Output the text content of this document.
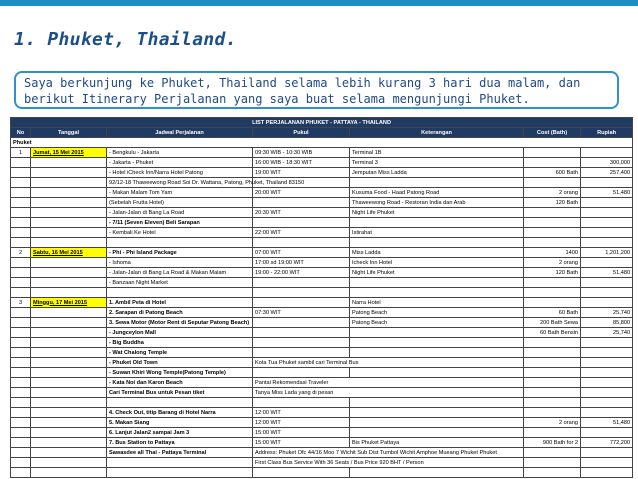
1. Phuket, Thailand.
Saya berkunjung ke Phuket, Thailand selama lebih kurang 3 hari dua malam, dan berikut Itinerary Perjalanan yang saya buat selama mengunjungi Phuket.
LIST PERJALANAN PHUKET - PATTAYA - THAILAND						
No	Tanggal	Jadwal Perjalanan	Pukul	Keterangan	Cost (Bath)	Rupiah
Phuket						
1	Jumat, 15 Mei 2015	- Bengkulu - Jakarta	09:30 WIB - 10:30 WIB	Terminal 1B		
		- Jakarta - Phuket	16:00 WIB - 18:30 WIT	Terminal 3		300,000
		- Hotel iCheck Inn/Narra Hotel Patong	19:00 WIT	Jemputan Miss Ladda	600 Bath	257,400
		92/12-18 Thaweewong Road Soi Dr. Wattana, Patong, Phuket, Thailand 83150				
		- Makan Malam Tom Yam	20:00 WIT	Kusuma Food - Haad Patong Road	2 orang	51,480
		(Sebelah Frutta Hotel)		Thaweewong Road - Restoran India dan Arab	120 Bath	
		- Jalan-Jalan di Bang La Road	20:30 WIT	Night Life Phuket		
		- 7/11 (Seven Eleven) Beli Sarapan				
		- Kembali Ke Hotel	22:00 WIT	Istirahat		

2	Sabtu, 16 Mei 2015	- Phi - Phi Island Package	07:00 WIT	Miss Ladda	1400	1,201,200
		- Ishoma	17:00 sd 19:00 WIT	Icheck Inn Hotel	2 orang	
		- Jalan-Jalan di Bang La Road & Makan Malam	19:00 - 22:00 WIT	Night Life Phuket	120 Bath	51,480
		- Banzaan Night Market				

3	Minggu, 17 Mei 2015	1. Ambil Peta di Hotel		Narra Hotel		
		2. Sarapan di Patong Beach	07:30 WIT	Patong Beach	60 Bath	25,740
		3. Sewa Motor (Motor Rent di Seputar Patong Beach)		Patong Beach	200 Bath Sewa	85,800
		- Jungceylon Mall			60 Bath Bensin	25,740
		- Big Buddha				
		- Wat Chalong Temple				
		- Phuket Old Town	Kota Tua Phuket sambil cari Terminal Bus			
		- Suwan Khiri Wong Temple(Patong Temple)				
		- Kata Noi dan Karon Beach	Pantai Rekomendasi Traveler			
		Cari Terminal Bus untuk Pesan tiket	Tanya Miss Lada yang di pesan			

		4. Check Out, titip Barang di Hotel Narra	12:00 WIT			
		5. Makan Siang	12:00 WIT		2 orang	51,480
		6. Lanjut Jalan2 sampai Jam 3	15:00 WIT			
		7. Bus Station to Pattaya	15:00 WIT	Bis Phuket Pattaya	900 Bath for 2	772,200
		Sawasdee all Thai - Pattaya Terminal	Address: Phuket Ofc 44/16 Moo 7 Wichit Sub Dist Tumbol Wichit Amphoe Mueang Phuket Phuket			
			First Class Bus Service With 36 Seats / Bus Price 920 BHT / Person			
